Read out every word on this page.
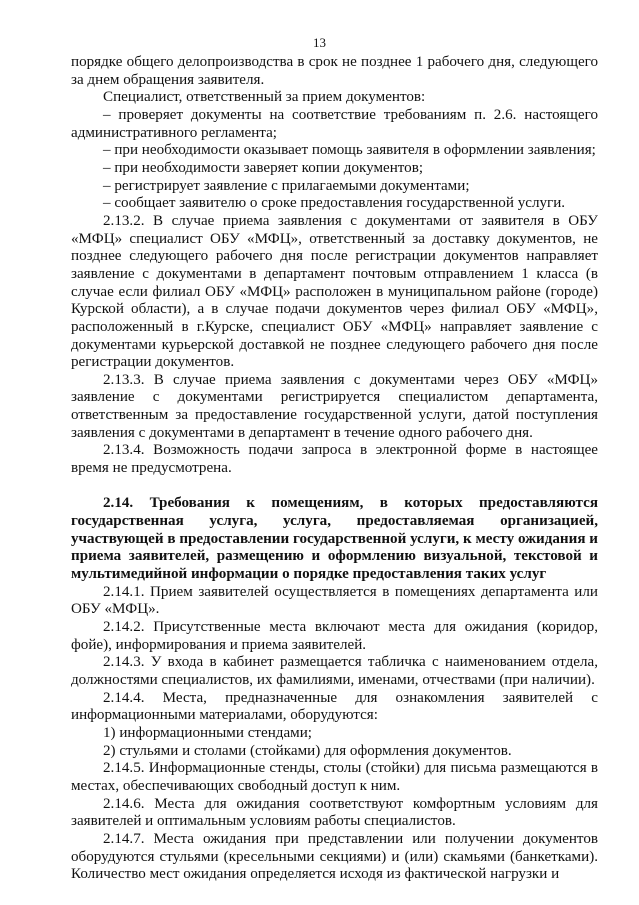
13

порядке общего делопроизводства в срок не позднее 1 рабочего дня, следующего за днем обращения заявителя.

Специалист, ответственный за прием документов:

– проверяет документы на соответствие требованиям п. 2.6. настоящего административного регламента;

– при необходимости оказывает помощь заявителя в оформлении заявления;

– при необходимости заверяет копии документов;

– регистрирует заявление с прилагаемыми документами;

– сообщает заявителю о сроке предоставления государственной услуги.

2.13.2. В случае приема заявления с документами от заявителя в ОБУ «МФЦ» специалист ОБУ «МФЦ», ответственный за доставку документов, не позднее следующего рабочего дня после регистрации документов направляет заявление с документами в департамент почтовым отправлением 1 класса (в случае если филиал ОБУ «МФЦ» расположен в муниципальном районе (городе) Курской области), а в случае подачи документов через филиал ОБУ «МФЦ», расположенный в г.Курске, специалист ОБУ «МФЦ» направляет заявление с документами курьерской доставкой не позднее следующего рабочего дня после регистрации документов.

2.13.3. В случае приема заявления с документами через ОБУ «МФЦ» заявление с документами регистрируется специалистом департамента, ответственным за предоставление государственной услуги, датой поступления заявления с документами в департамент в течение одного рабочего дня.

2.13.4. Возможность подачи запроса в электронной форме в настоящее время не предусмотрена.

2.14. Требования к помещениям, в которых предоставляются государственная услуга, услуга, предоставляемая организацией, участвующей в предоставлении государственной услуги, к месту ожидания и приема заявителей, размещению и оформлению визуальной, текстовой и мультимедийной информации о порядке предоставления таких услуг

2.14.1. Прием заявителей осуществляется в помещениях департамента или ОБУ «МФЦ».

2.14.2. Присутственные места включают места для ожидания (коридор, фойе), информирования и приема заявителей.

2.14.3. У входа в кабинет размещается табличка с наименованием отдела, должностями специалистов, их фамилиями, именами, отчествами (при наличии).

2.14.4. Места, предназначенные для ознакомления заявителей с информационными материалами, оборудуются:

1) информационными стендами;

2) стульями и столами (стойками) для оформления документов.

2.14.5. Информационные стенды, столы (стойки) для письма размещаются в местах, обеспечивающих свободный доступ к ним.

2.14.6. Места для ожидания соответствуют комфортным условиям для заявителей и оптимальным условиям работы специалистов.

2.14.7. Места ожидания при представлении или получении документов оборудуются стульями (кресельными секциями) и (или) скамьями (банкетками). Количество мест ожидания определяется исходя из фактической нагрузки и
